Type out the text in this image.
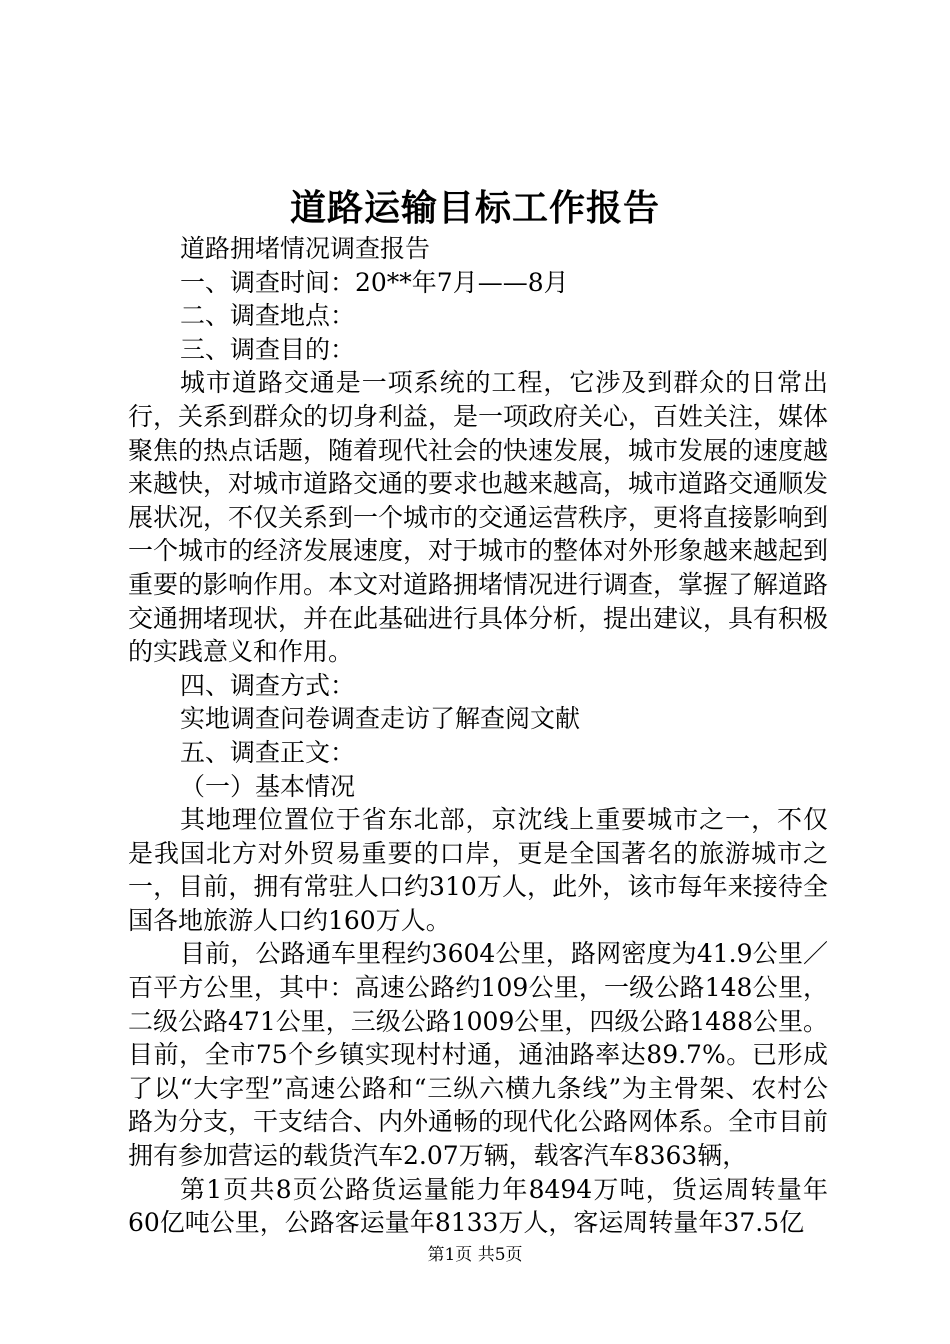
道路运输目标工作报告

道路拥堵情况调查报告

一、调查时间：20**年7月——8月

二、调查地点：

三、调查目的：

城市道路交通是一项系统的工程，它涉及到群众的日常出行，关系到群众的切身利益，是一项政府关心，百姓关注，媒体聚焦的热点话题，随着现代社会的快速发展，城市发展的速度越来越快，对城市道路交通的要求也越来越高，城市道路交通顺发展状况，不仅关系到一个城市的交通运营秩序，更将直接影响到一个城市的经济发展速度，对于城市的整体对外形象越来越起到重要的影响作用。本文对道路拥堵情况进行调查，掌握了解道路交通拥堵现状，并在此基础进行具体分析，提出建议，具有积极的实践意义和作用。

四、调查方式：

实地调查问卷调查走访了解查阅文献

五、调查正文：

（一）基本情况

其地理位置位于省东北部，京沈线上重要城市之一，不仅是我国北方对外贸易重要的口岸，更是全国著名的旅游城市之一，目前，拥有常驻人口约310万人，此外，该市每年来接待全国各地旅游人口约160万人。

目前，公路通车里程约3604公里，路网密度为41.9公里／百平方公里，其中：高速公路约109公里，一级公路148公里，二级公路471公里，三级公路1009公里，四级公路1488公里。目前，全市75个乡镇实现村村通，通油路率达89.7%。已形成了以“大字型”高速公路和“三纵六横九条线”为主骨架、农村公路为分支，干支结合、内外通畅的现代化公路网体系。全市目前拥有参加营运的载货汽车2.07万辆，载客汽车8363辆，

第1页共8页公路货运量能力年8494万吨，货运周转量年60亿吨公里，公路客运量年8133万人，客运周转量年37.5亿

第1页 共5页
